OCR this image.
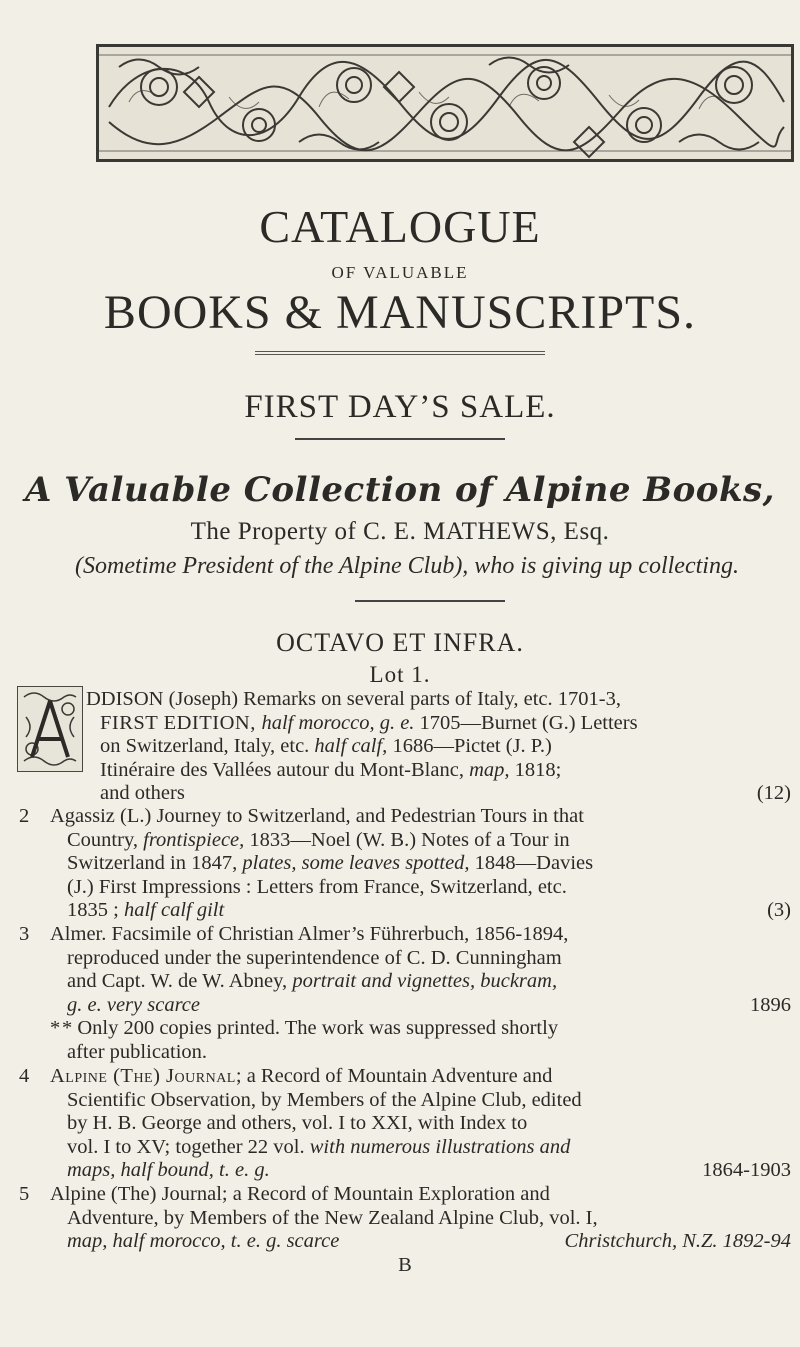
CATALOGUE
OF VALUABLE
BOOKS & MANUSCRIPTS.
FIRST DAY’S SALE.
A Valuable Collection of Alpine Books,
The Property of C. E. MATHEWS, Esq.
(Sometime President of the Alpine Club), who is giving up collecting.
OCTAVO ET INFRA.
Lot 1.
DDISON (Joseph) Remarks on several parts of Italy, etc. 1701-3,
FIRST EDITION, half morocco, g. e. 1705—Burnet (G.) Letters
on Switzerland, Italy, etc. half calf, 1686—Pictet (J. P.)
Itinéraire des Vallées autour du Mont-Blanc, map, 1818;
and others	(12)
2	Agassiz (L.) Journey to Switzerland, and Pedestrian Tours in that
Country, frontispiece, 1833—Noel (W. B.) Notes of a Tour in
Switzerland in 1847, plates, some leaves spotted, 1848—Davies
(J.) First Impressions : Letters from France, Switzerland, etc.
1835 ; half calf gilt	(3)
3	Almer. Facsimile of Christian Almer’s Führerbuch, 1856-1894,
reproduced under the superintendence of C. D. Cunningham
and Capt. W. de W. Abney, portrait and vignettes, buckram,
g. e. very scarce	1896
* * Only 200 copies printed. The work was suppressed shortly
after publication.
4	Alpine (The) Journal; a Record of Mountain Adventure and
Scientific Observation, by Members of the Alpine Club, edited
by H. B. George and others, vol. I to XXI, with Index to
vol. I to XV; together 22 vol. with numerous illustrations and
maps, half bound, t. e. g.	1864-1903
5	Alpine (The) Journal; a Record of Mountain Exploration and
Adventure, by Members of the New Zealand Alpine Club, vol. I,
map, half morocco, t. e. g. scarce	Christchurch, N.Z. 1892-94
B
